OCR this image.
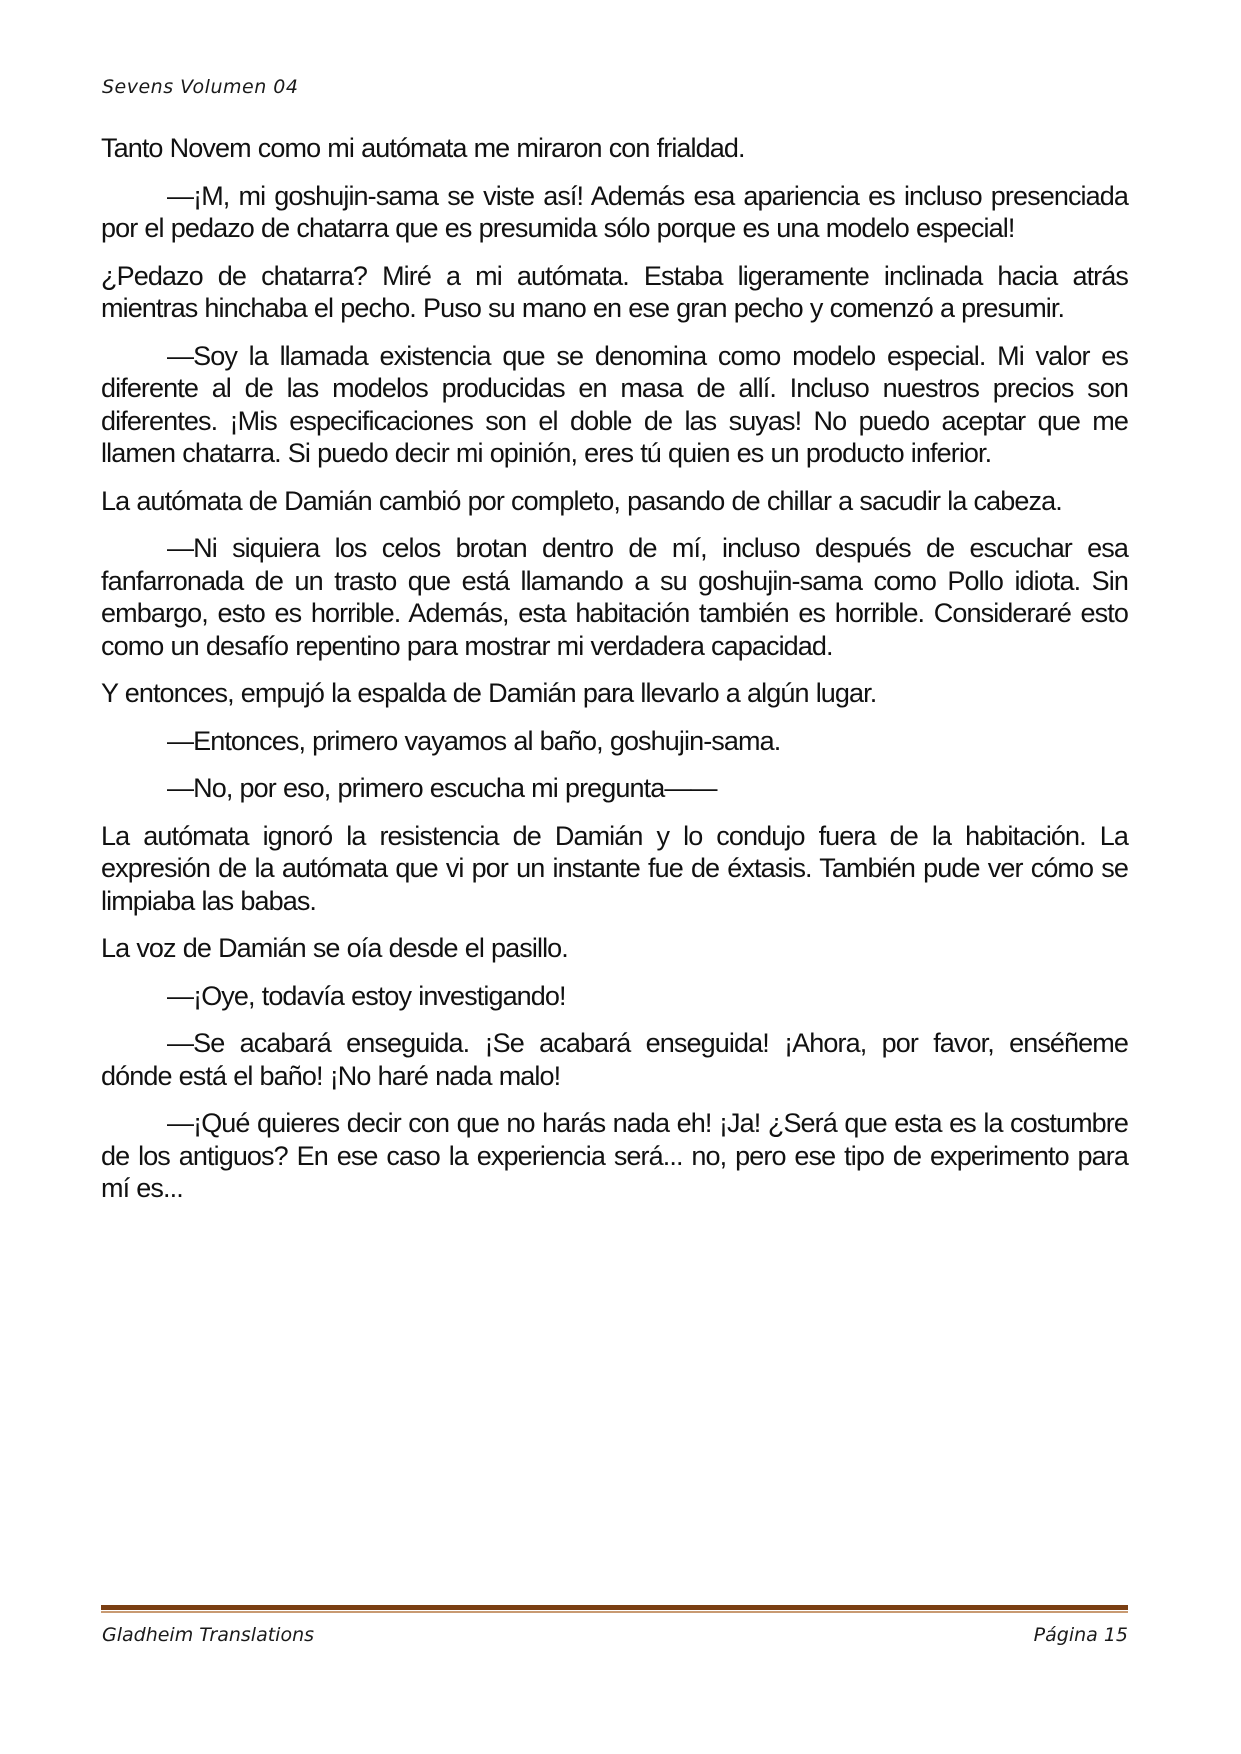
Sevens Volumen 04

Tanto Novem como mi autómata me miraron con frialdad.

—¡M, mi goshujin-sama se viste así! Además esa apariencia es incluso presenciada por el pedazo de chatarra que es presumida sólo porque es una modelo especial!

¿Pedazo de chatarra? Miré a mi autómata. Estaba ligeramente inclinada hacia atrás mientras hinchaba el pecho. Puso su mano en ese gran pecho y comenzó a presumir.

—Soy la llamada existencia que se denomina como modelo especial. Mi valor es diferente al de las modelos producidas en masa de allí. Incluso nuestros precios son diferentes. ¡Mis especificaciones son el doble de las suyas! No puedo aceptar que me llamen chatarra. Si puedo decir mi opinión, eres tú quien es un producto inferior.

La autómata de Damián cambió por completo, pasando de chillar a sacudir la cabeza.

—Ni siquiera los celos brotan dentro de mí, incluso después de escuchar esa fanfarronada de un trasto que está llamando a su goshujin-sama como Pollo idiota. Sin embargo, esto es horrible. Además, esta habitación también es horrible. Consideraré esto como un desafío repentino para mostrar mi verdadera capacidad.

Y entonces, empujó la espalda de Damián para llevarlo a algún lugar.

—Entonces, primero vayamos al baño, goshujin-sama.

—No, por eso, primero escucha mi pregunta——

La autómata ignoró la resistencia de Damián y lo condujo fuera de la habitación. La expresión de la autómata que vi por un instante fue de éxtasis. También pude ver cómo se limpiaba las babas.

La voz de Damián se oía desde el pasillo.

—¡Oye, todavía estoy investigando!

—Se acabará enseguida. ¡Se acabará enseguida! ¡Ahora, por favor, enséñeme dónde está el baño! ¡No haré nada malo!

—¡Qué quieres decir con que no harás nada eh! ¡Ja! ¿Será que esta es la costumbre de los antiguos? En ese caso la experiencia será... no, pero ese tipo de experimento para mí es...

Gladheim Translations	Página 15
